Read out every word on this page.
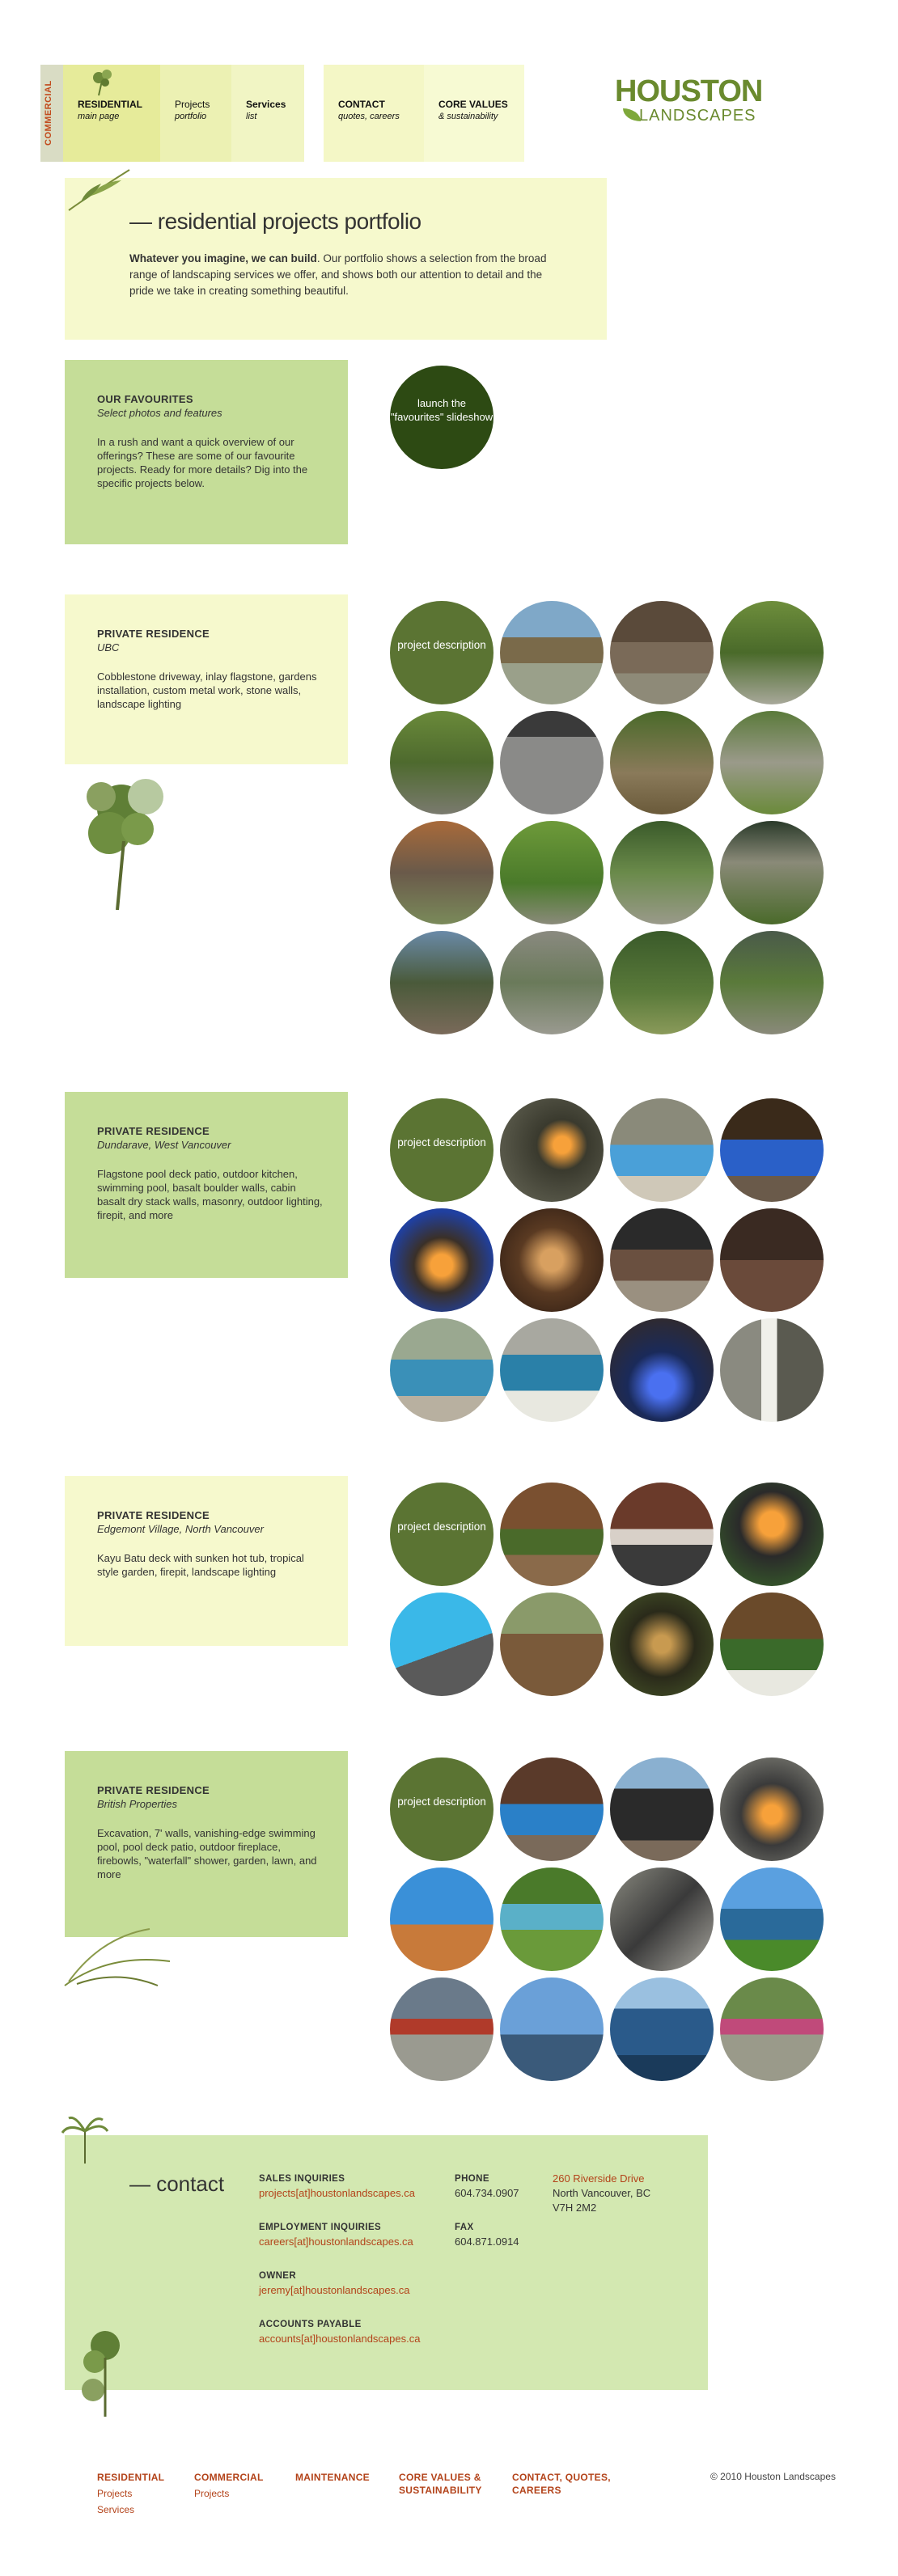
COMMERCIAL	RESIDENTIAL
main page
Projects
portfolio
Services
list
CONTACT
quotes, careers
CORE VALUES
& sustainability
HOUSTON
LANDSCAPES
— residential projects portfolio

Whatever you imagine, we can build. Our portfolio shows a selection from the broad range of landscaping services we offer, and shows both our attention to detail and the pride we take in creating something beautiful.

OUR FAVOURITES
Select photos and features
In a rush and want a quick overview of our offerings? These are some of our favourite projects. Ready for more details? Dig into the specific projects below.
launch the "favourites" slideshow
PRIVATE RESIDENCE
UBC
Cobblestone driveway, inlay flagstone, gardens installation, custom metal work, stone walls, landscape lighting
project description
PRIVATE RESIDENCE
Dundarave, West Vancouver
Flagstone pool deck patio, outdoor kitchen, swimming pool, basalt boulder walls, cabin basalt dry stack walls, masonry, outdoor lighting, firepit, and more
project description
PRIVATE RESIDENCE
Edgemont Village, North Vancouver
Kayu Batu deck with sunken hot tub, tropical style garden, firepit, landscape lighting
project description
PRIVATE RESIDENCE
British Properties
Excavation, 7' walls, vanishing-edge swimming pool, pool deck patio, outdoor fireplace, firebowls, "waterfall" shower, garden, lawn, and more
project description
— contact	SALES INQUIRIES
projects[at]houstonlandscapes.ca
EMPLOYMENT INQUIRIES
careers[at]houstonlandscapes.ca
OWNER
jeremy[at]houstonlandscapes.ca
ACCOUNTS PAYABLE
accounts[at]houstonlandscapes.ca
PHONE
604.734.0907
FAX
604.871.0914
260 Riverside Drive
North Vancouver, BC
V7H 2M2
RESIDENTIAL
Projects
Services
COMMERCIAL
Projects
MAINTENANCE	CORE VALUES & SUSTAINABILITY
CONTACT, QUOTES, CAREERS
© 2010 Houston Landscapes
